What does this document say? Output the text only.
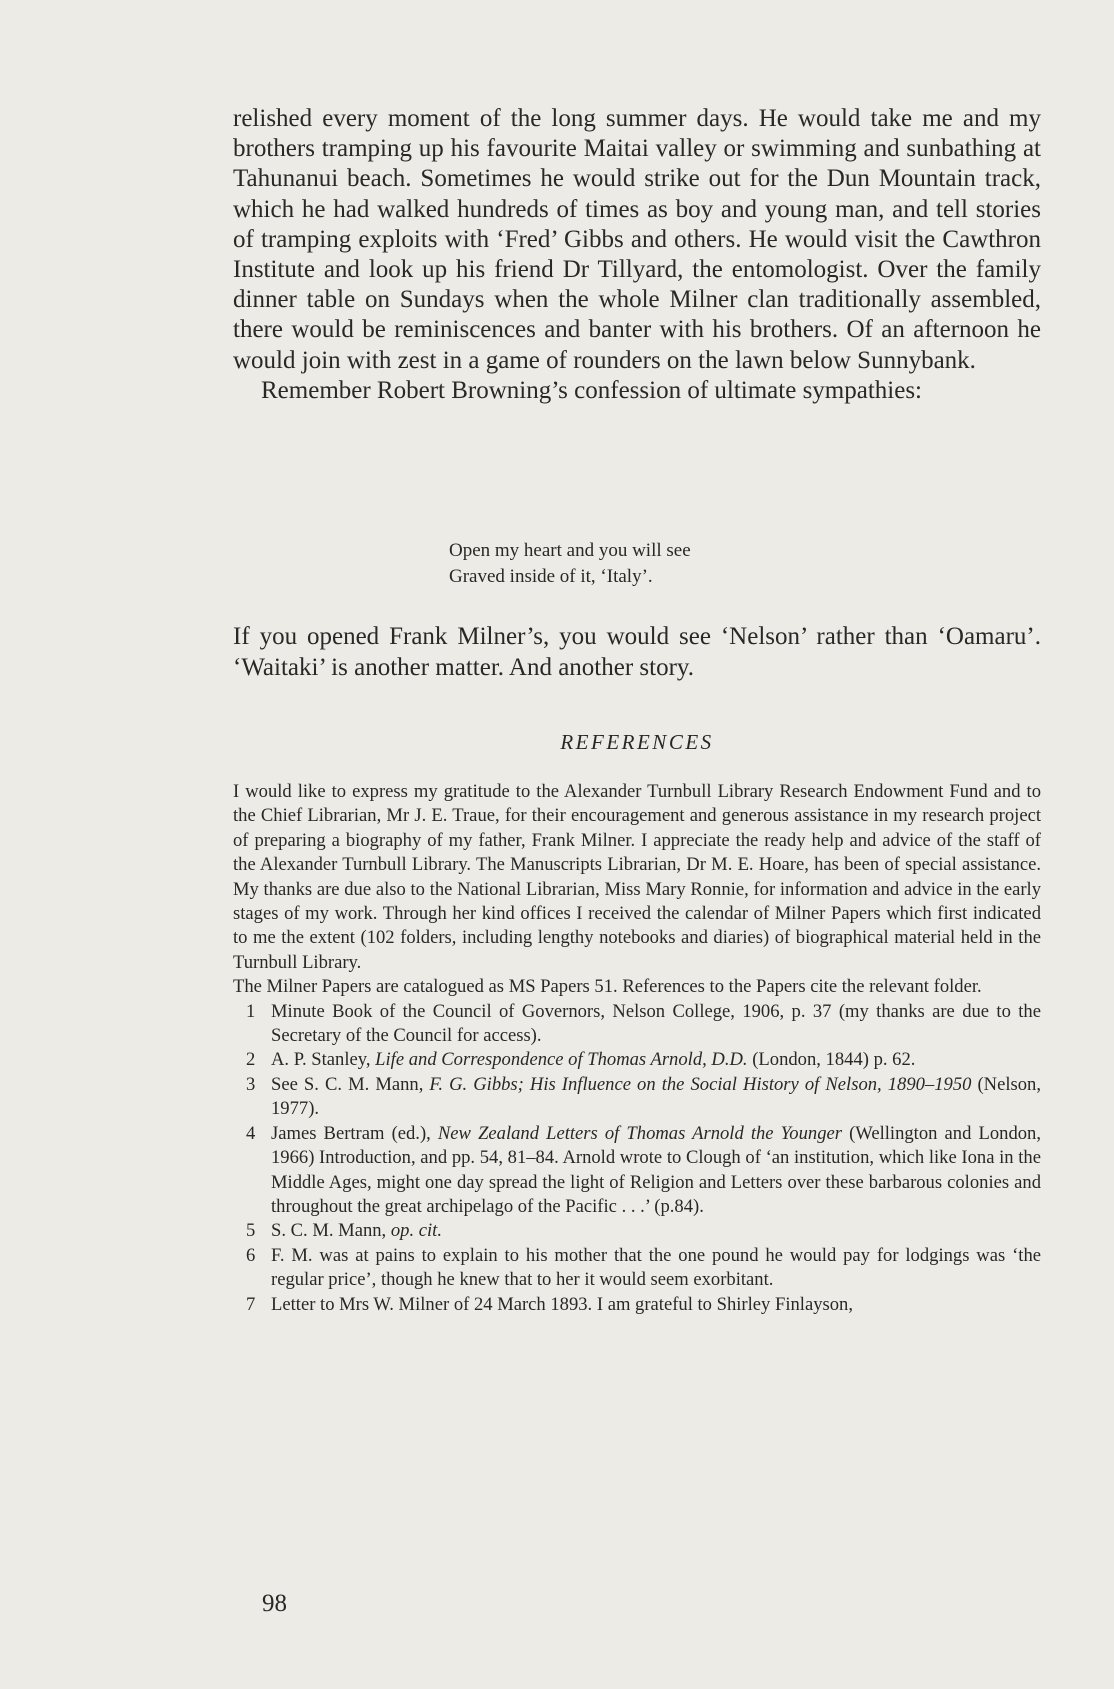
relished every moment of the long summer days. He would take me and my brothers tramping up his favourite Maitai valley or swimming and sunbathing at Tahunanui beach. Sometimes he would strike out for the Dun Mountain track, which he had walked hundreds of times as boy and young man, and tell stories of tramping exploits with ‘Fred’ Gibbs and others. He would visit the Cawthron Institute and look up his friend Dr Tillyard, the entomologist. Over the family dinner table on Sundays when the whole Milner clan traditionally assembled, there would be reminiscences and banter with his brothers. Of an afternoon he would join with zest in a game of rounders on the lawn below Sunnybank.

Remember Robert Browning’s confession of ultimate sympathies:

Open my heart and you will see
Graved inside of it, ‘Italy’.
If you opened Frank Milner’s, you would see ‘Nelson’ rather than ‘Oamaru’. ‘Waitaki’ is another matter. And another story.
REFERENCES

I would like to express my gratitude to the Alexander Turnbull Library Research Endowment Fund and to the Chief Librarian, Mr J. E. Traue, for their encouragement and generous assistance in my research project of preparing a biography of my father, Frank Milner. I appreciate the ready help and advice of the staff of the Alexander Turnbull Library. The Manuscripts Librarian, Dr M. E. Hoare, has been of special assistance. My thanks are due also to the National Librarian, Miss Mary Ronnie, for information and advice in the early stages of my work. Through her kind offices I received the calendar of Milner Papers which first indicated to me the extent (102 folders, including lengthy notebooks and diaries) of biographical material held in the Turnbull Library.

The Milner Papers are catalogued as MS Papers 51. References to the Papers cite the relevant folder.

1 Minute Book of the Council of Governors, Nelson College, 1906, p. 37 (my thanks are due to the Secretary of the Council for access).
2 A. P. Stanley, Life and Correspondence of Thomas Arnold, D.D. (London, 1844) p. 62.
3 See S. C. M. Mann, F. G. Gibbs; His Influence on the Social History of Nelson, 1890–1950 (Nelson, 1977).
4 James Bertram (ed.), New Zealand Letters of Thomas Arnold the Younger (Wellington and London, 1966) Introduction, and pp. 54, 81–84. Arnold wrote to Clough of ‘an institution, which like Iona in the Middle Ages, might one day spread the light of Religion and Letters over these barbarous colonies and throughout the great archipelago of the Pacific . . .’ (p.84).
5 S. C. M. Mann, op. cit.
6 F. M. was at pains to explain to his mother that the one pound he would pay for lodgings was ‘the regular price’, though he knew that to her it would seem exorbitant.
7 Letter to Mrs W. Milner of 24 March 1893. I am grateful to Shirley Finlayson,
98
